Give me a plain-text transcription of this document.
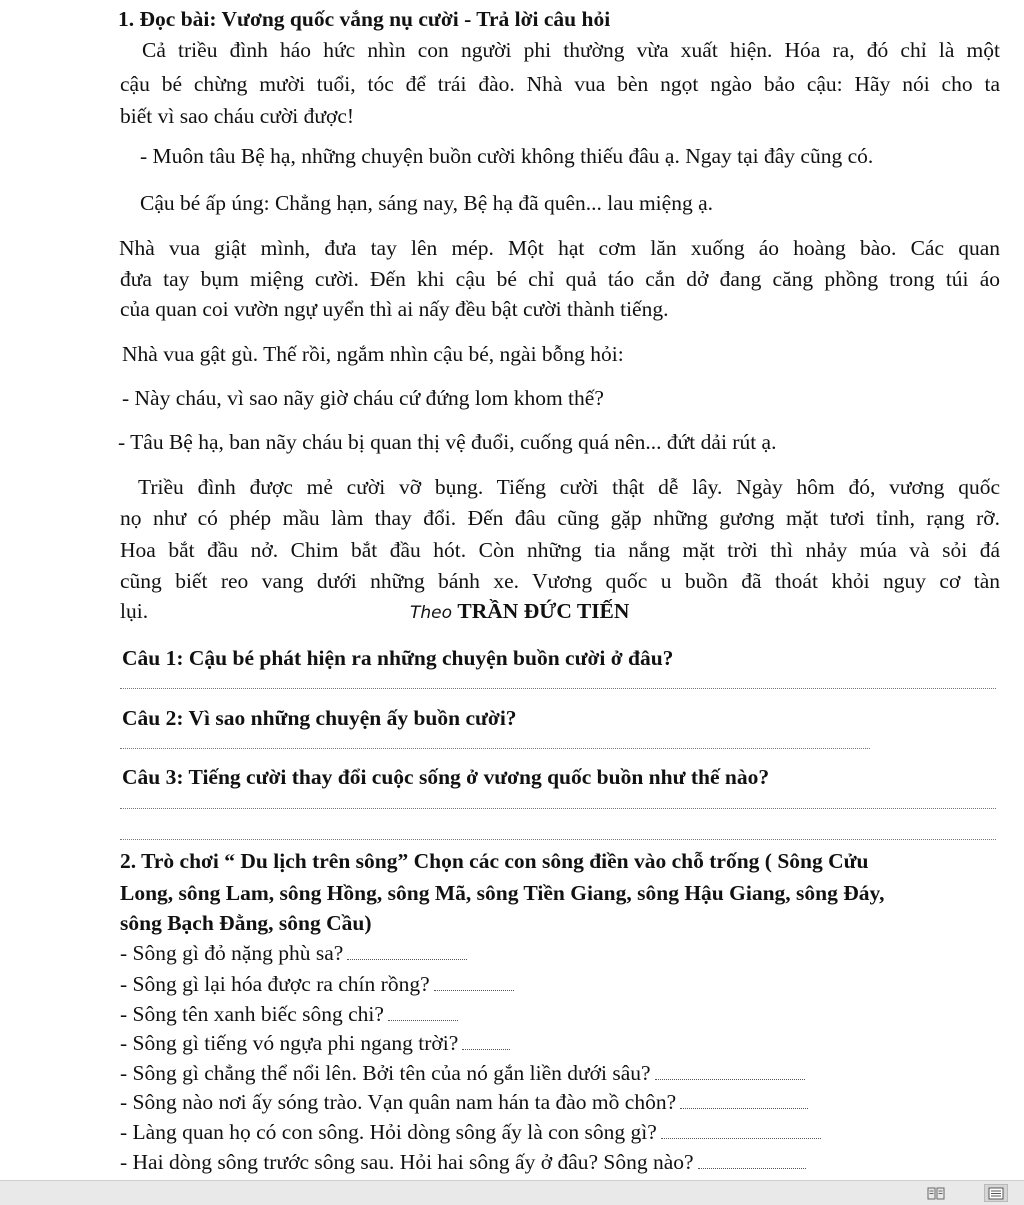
1. Đọc bài: Vương quốc vắng nụ cười - Trả lời câu hỏi
Cả triều đình háo hức nhìn con người phi thường vừa xuất hiện. Hóa ra, đó chỉ là một
cậu bé chừng mười tuổi, tóc để trái đào. Nhà vua bèn ngọt ngào bảo cậu: Hãy nói cho ta
biết vì sao cháu cười được!
- Muôn tâu Bệ hạ, những chuyện buồn cười không thiếu đâu ạ. Ngay tại đây cũng có.
Cậu bé ấp úng: Chẳng hạn, sáng nay, Bệ hạ đã quên... lau miệng ạ.
Nhà vua giật mình, đưa tay lên mép. Một hạt cơm lăn xuống áo hoàng bào. Các quan
đưa tay bụm miệng cười. Đến khi cậu bé chỉ quả táo cắn dở đang căng phồng trong túi áo
của quan coi vườn ngự uyển thì ai nấy đều bật cười thành tiếng.
Nhà vua gật gù. Thế rồi, ngắm nhìn cậu bé, ngài bỗng hỏi:
- Này cháu, vì sao nãy giờ cháu cứ đứng lom khom thế?
- Tâu Bệ hạ, ban nãy cháu bị quan thị vệ đuổi, cuống quá nên... đứt dải rút ạ.
Triều đình được mẻ cười vỡ bụng. Tiếng cười thật dễ lây. Ngày hôm đó, vương quốc
nọ như có phép mầu làm thay đổi. Đến đâu cũng gặp những gương mặt tươi tỉnh, rạng rỡ.
Hoa bắt đầu nở. Chim bắt đầu hót. Còn những tia nắng mặt trời thì nhảy múa và sỏi đá
cũng biết reo vang dưới những bánh xe. Vương quốc u buồn đã thoát khỏi nguy cơ tàn
lụi.	Theo TRẦN ĐỨC TIẾN
Câu 1: Cậu bé phát hiện ra những chuyện buồn cười ở đâu?
Câu 2: Vì sao những chuyện ấy buồn cười?
Câu 3: Tiếng cười thay đổi cuộc sống ở vương quốc buồn như thế nào?
2. Trò chơi “ Du lịch trên sông” Chọn các con sông điền vào chỗ trống ( Sông Cửu
Long, sông Lam, sông Hồng, sông Mã, sông Tiền Giang, sông Hậu Giang, sông Đáy,
sông Bạch Đằng, sông Cầu)
- Sông gì đỏ nặng phù sa?
- Sông gì lại hóa được ra chín rồng?
- Sông tên xanh biếc sông chi?
- Sông gì tiếng vó ngựa phi ngang trời?
- Sông gì chẳng thể nổi lên. Bởi tên của nó gắn liền dưới sâu?
- Sông nào nơi ấy sóng trào. Vạn quân nam hán ta đào mồ chôn?
- Làng quan họ có con sông. Hỏi dòng sông ấy là con sông gì?
- Hai dòng sông trước sông sau. Hỏi hai sông ấy ở đâu? Sông nào?
